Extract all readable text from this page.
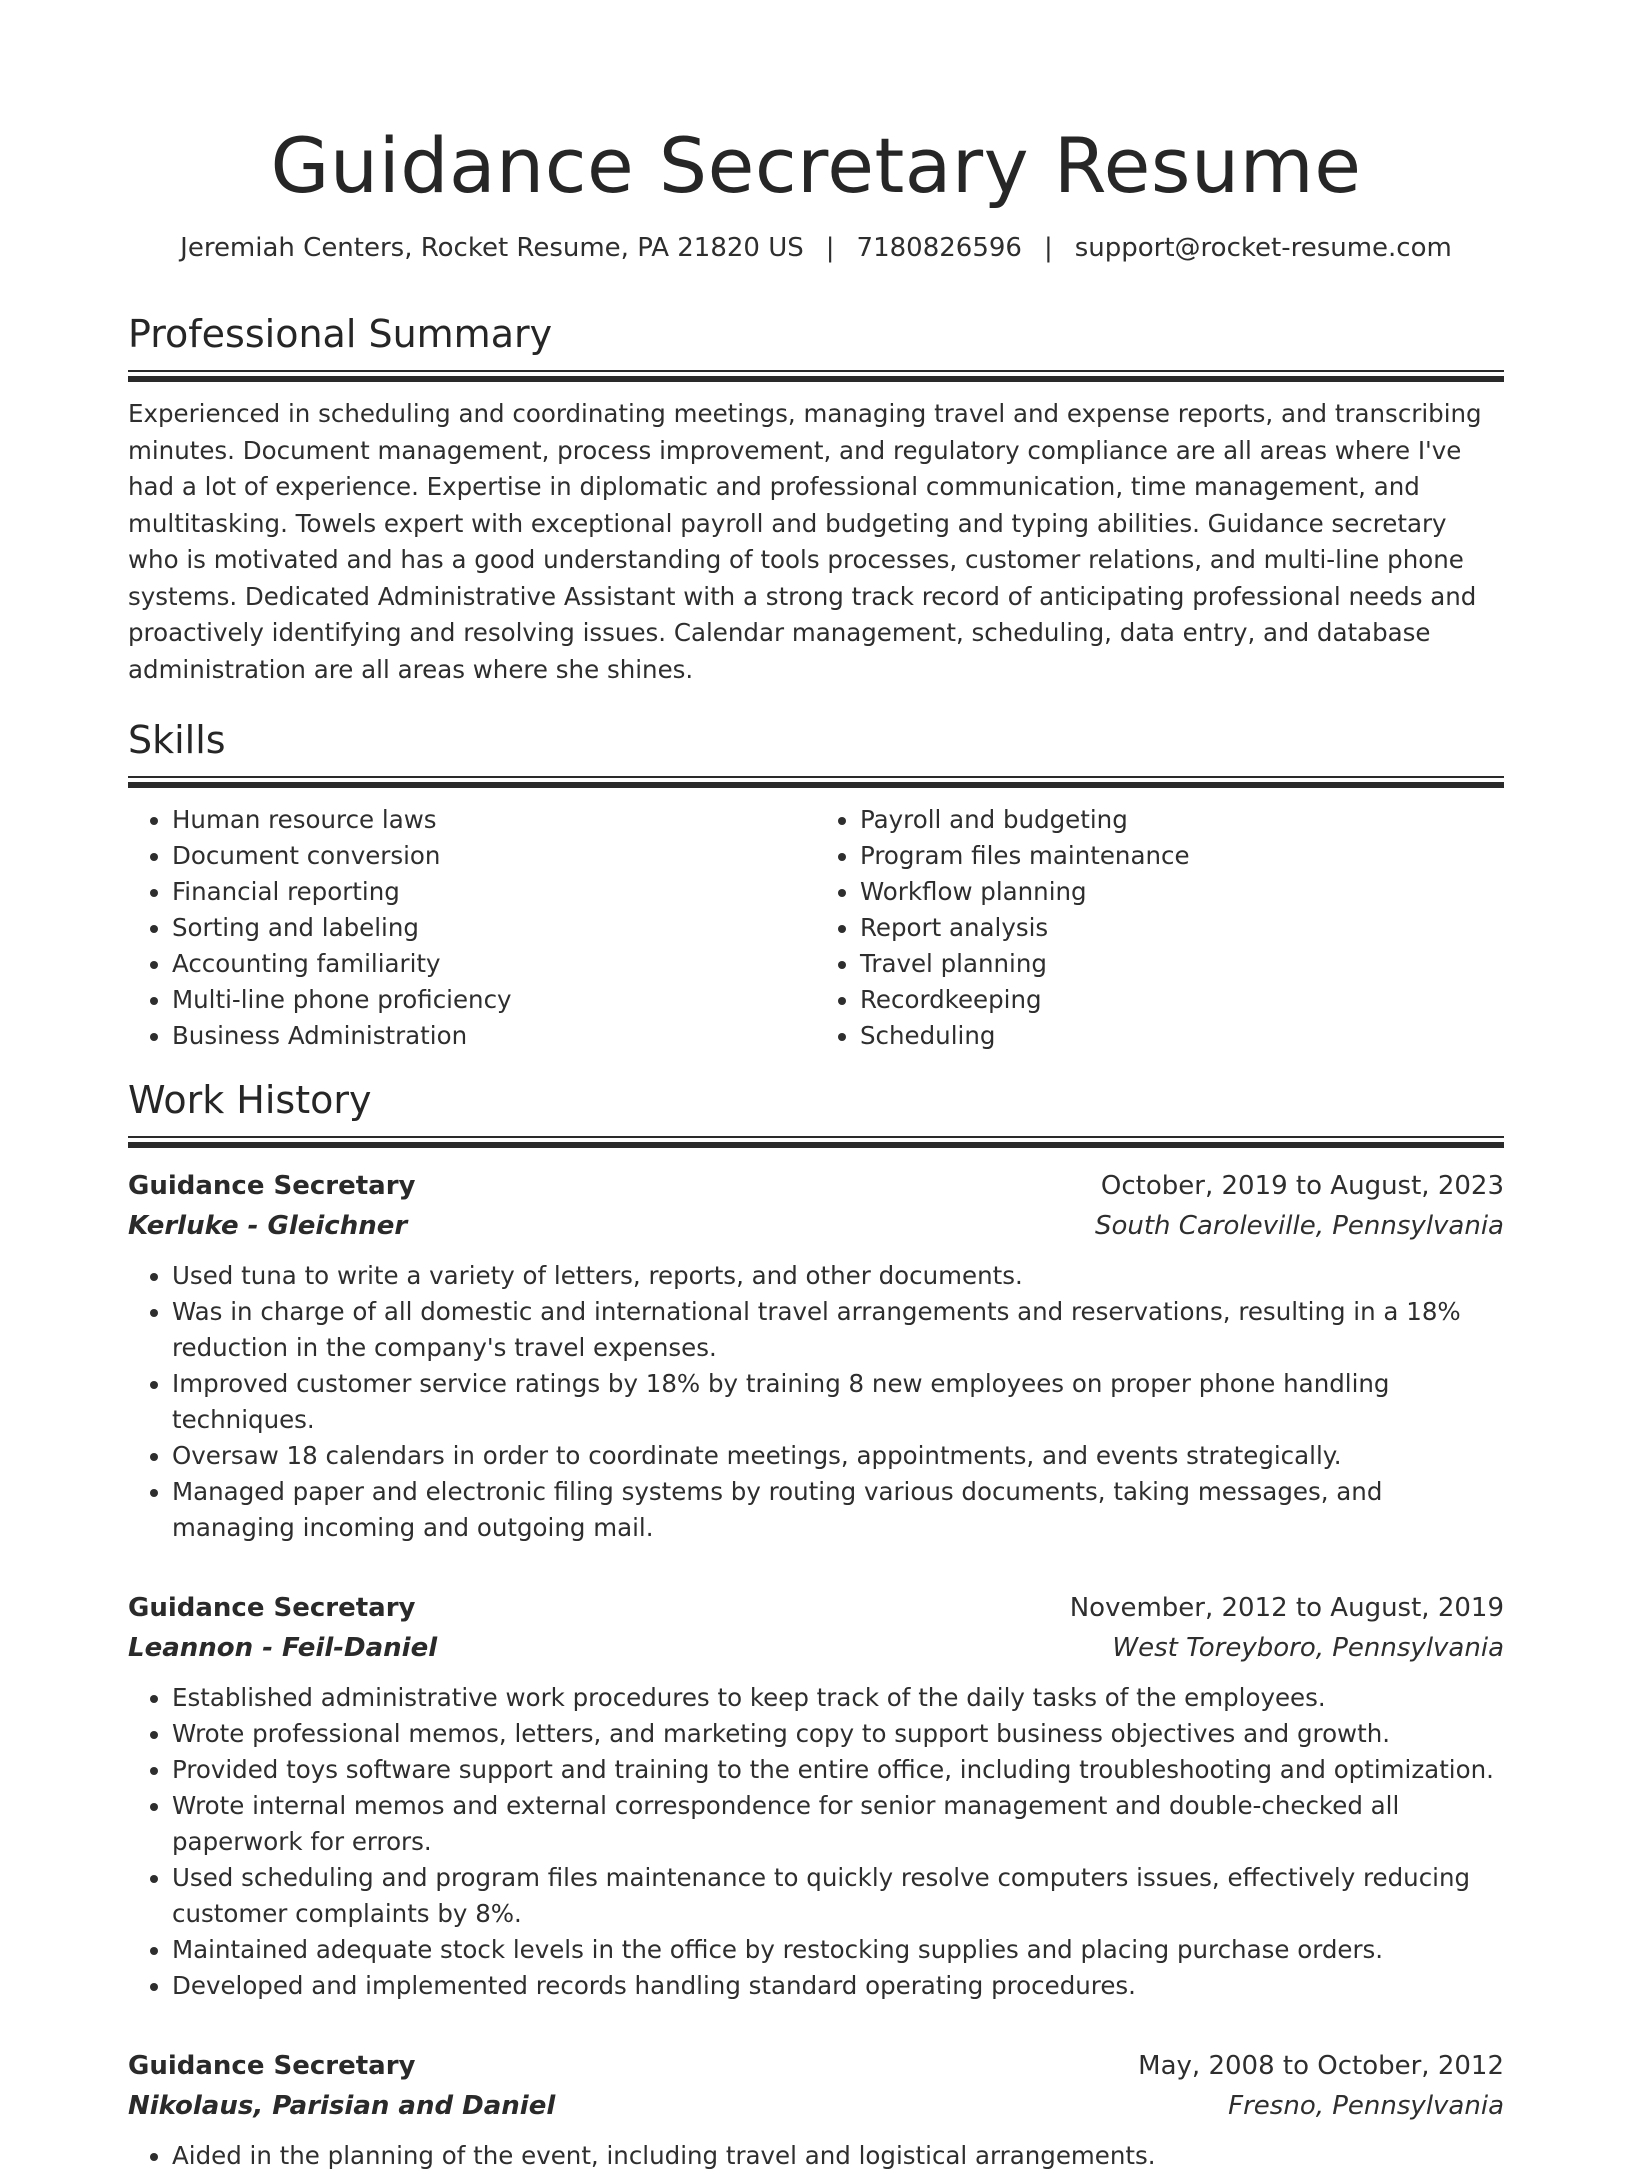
Guidance Secretary Resume
Jeremiah Centers, Rocket Resume, PA 21820 US | 7180826596 | support@rocket-resume.com
Professional Summary

Experienced in scheduling and coordinating meetings, managing travel and expense reports, and transcribing minutes. Document management, process improvement, and regulatory compliance are all areas where I've had a lot of experience. Expertise in diplomatic and professional communication, time management, and multitasking. Towels expert with exceptional payroll and budgeting and typing abilities. Guidance secretary who is motivated and has a good understanding of tools processes, customer relations, and multi-line phone systems. Dedicated Administrative Assistant with a strong track record of anticipating professional needs and proactively identifying and resolving issues. Calendar management, scheduling, data entry, and database administration are all areas where she shines.

Skills
• Human resource laws
• Document conversion
• Financial reporting
• Sorting and labeling
• Accounting familiarity
• Multi-line phone proficiency
• Business Administration
• Payroll and budgeting
• Program files maintenance
• Workflow planning
• Report analysis
• Travel planning
• Recordkeeping
• Scheduling
Work History
Guidance Secretary	October, 2019 to August, 2023
Kerluke - Gleichner	South Caroleville, Pennsylvania
• Used tuna to write a variety of letters, reports, and other documents.
• Was in charge of all domestic and international travel arrangements and reservations, resulting in a 18% reduction in the company's travel expenses.
• Improved customer service ratings by 18% by training 8 new employees on proper phone handling techniques.
• Oversaw 18 calendars in order to coordinate meetings, appointments, and events strategically.
• Managed paper and electronic filing systems by routing various documents, taking messages, and managing incoming and outgoing mail.
Guidance Secretary	November, 2012 to August, 2019
Leannon - Feil-Daniel	West Toreyboro, Pennsylvania
• Established administrative work procedures to keep track of the daily tasks of the employees.
• Wrote professional memos, letters, and marketing copy to support business objectives and growth.
• Provided toys software support and training to the entire office, including troubleshooting and optimization.
• Wrote internal memos and external correspondence for senior management and double-checked all paperwork for errors.
• Used scheduling and program files maintenance to quickly resolve computers issues, effectively reducing customer complaints by 8%.
• Maintained adequate stock levels in the office by restocking supplies and placing purchase orders.
• Developed and implemented records handling standard operating procedures.
Guidance Secretary	May, 2008 to October, 2012
Nikolaus, Parisian and Daniel	Fresno, Pennsylvania
• Aided in the planning of the event, including travel and logistical arrangements.
